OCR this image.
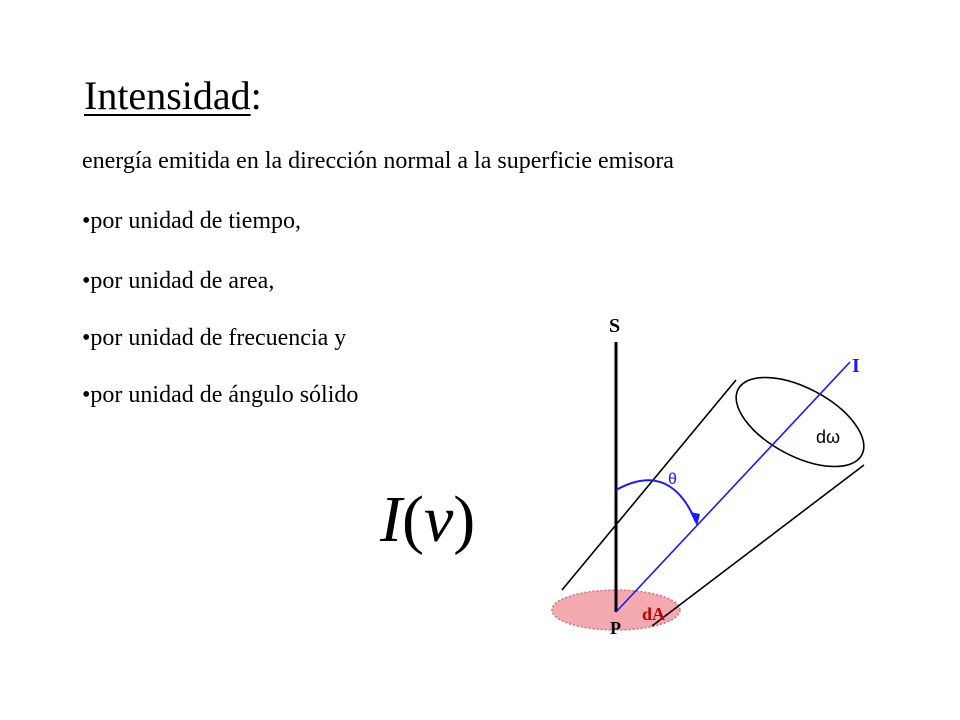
Intensidad:
energía emitida en la dirección normal a la superficie emisora
•por unidad de tiempo,
•por unidad de area,
•por unidad de frecuencia y
•por unidad de ángulo sólido
I(ν)
S
I
dω
θ
dA
P
